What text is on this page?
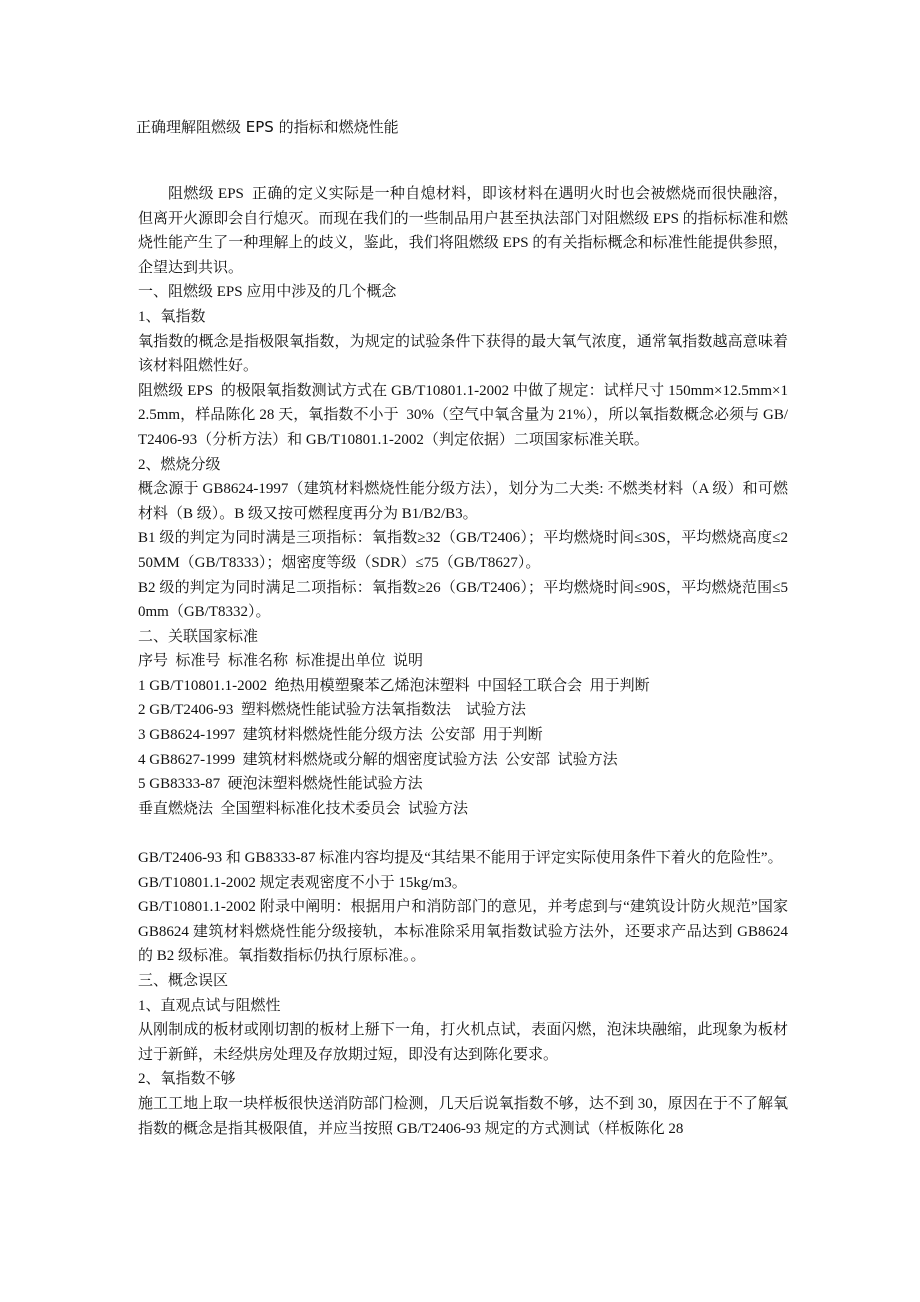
正确理解阻燃级 EPS 的指标和燃烧性能

阻燃级 EPS  正确的定义实际是一种自熄材料，即该材料在遇明火时也会被燃烧而很快融溶，但离开火源即会自行熄灭。而现在我们的一些制品用户甚至执法部门对阻燃级 EPS 的指标标准和燃烧性能产生了一种理解上的歧义，鉴此，我们将阻燃级 EPS 的有关指标概念和标准性能提供参照，企望达到共识。

一、阻燃级 EPS 应用中涉及的几个概念

1、氧指数

氧指数的概念是指极限氧指数，为规定的试验条件下获得的最大氧气浓度，通常氧指数越高意味着该材料阻燃性好。

阻燃级 EPS  的极限氧指数测试方式在 GB/T10801.1-2002 中做了规定：试样尺寸 150mm×12.5mm×12.5mm，样品陈化 28 天，氧指数不小于  30%（空气中氧含量为 21%），所以氧指数概念必须与 GB/T2406-93（分析方法）和 GB/T10801.1-2002（判定依据）二项国家标准关联。

2、燃烧分级

概念源于 GB8624-1997（建筑材料燃烧性能分级方法），划分为二大类: 不燃类材料（A 级）和可燃材料（B 级）。B 级又按可燃程度再分为 B1/B2/B3。

B1 级的判定为同时满是三项指标：氧指数≥32（GB/T2406）；平均燃烧时间≤30S，平均燃烧高度≤250MM（GB/T8333）；烟密度等级（SDR）≤75（GB/T8627）。

B2 级的判定为同时满足二项指标：氧指数≥26（GB/T2406）；平均燃烧时间≤90S，平均燃烧范围≤50mm（GB/T8332）。

二、关联国家标准

序号  标准号  标准名称  标准提出单位  说明

1 GB/T10801.1-2002  绝热用模塑聚苯乙烯泡沫塑料  中国轻工联合会  用于判断

2 GB/T2406-93  塑料燃烧性能试验方法氧指数法    试验方法

3 GB8624-1997  建筑材料燃烧性能分级方法  公安部  用于判断

4 GB8627-1999  建筑材料燃烧或分解的烟密度试验方法  公安部  试验方法

5 GB8333-87  硬泡沫塑料燃烧性能试验方法

垂直燃烧法  全国塑料标准化技术委员会  试验方法

GB/T2406-93 和 GB8333-87 标准内容均提及“其结果不能用于评定实际使用条件下着火的危险性”。

GB/T10801.1-2002 规定表观密度不小于 15kg/m3。

GB/T10801.1-2002 附录中阐明：根据用户和消防部门的意见，并考虑到与“建筑设计防火规范”国家 GB8624 建筑材料燃烧性能分级接轨，本标准除采用氧指数试验方法外，还要求产品达到 GB8624 的 B2 级标准。氧指数指标仍执行原标准。。

三、概念误区

1、直观点试与阻燃性

从刚制成的板材或刚切割的板材上掰下一角，打火机点试，表面闪燃，泡沫块融缩，此现象为板材过于新鲜，未经烘房处理及存放期过短，即没有达到陈化要求。

2、氧指数不够

施工工地上取一块样板很快送消防部门检测，几天后说氧指数不够，达不到 30，原因在于不了解氧指数的概念是指其极限值，并应当按照 GB/T2406-93 规定的方式测试（样板陈化 28
